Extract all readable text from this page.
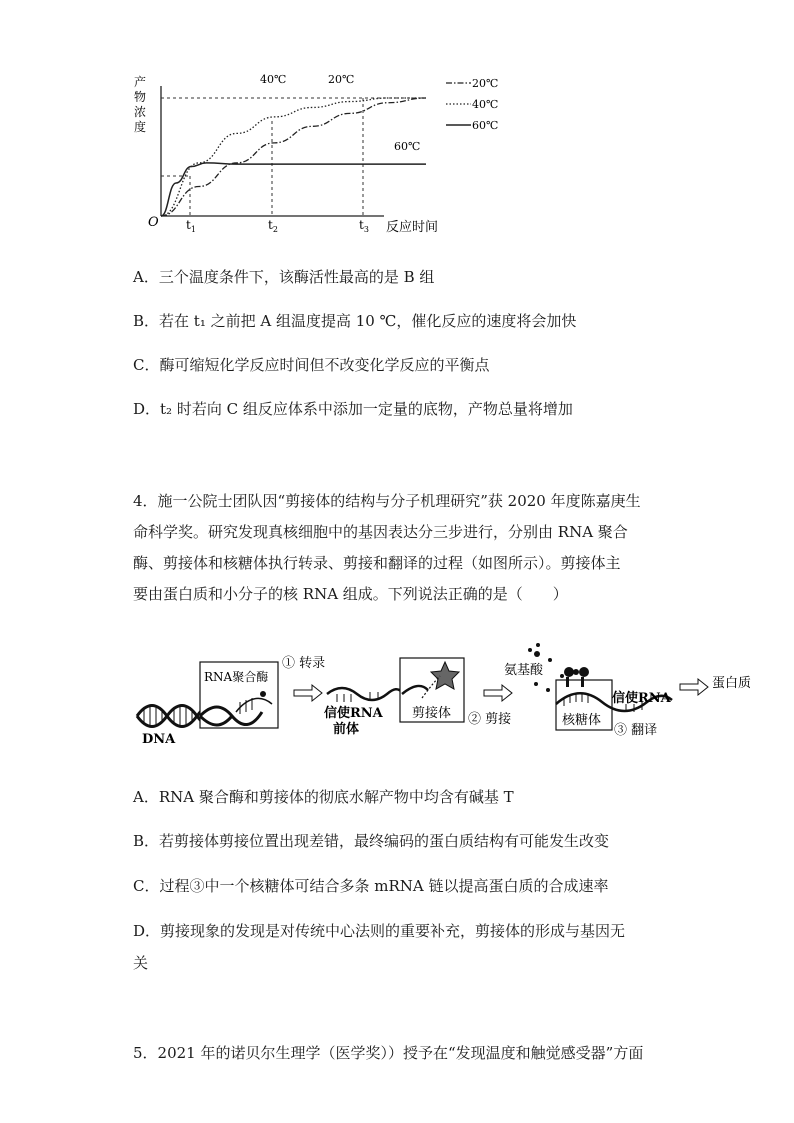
产
物
浓
度
O $t_1$	$t_2$	$t_3$ 反应时间
40℃	20℃
60℃
20℃
40℃
60℃
A．三个温度条件下，该酶活性最高的是 B 组
B．若在 t₁ 之前把 A 组温度提高 10 ℃，催化反应的速度将会加快
C．酶可缩短化学反应时间但不改变化学反应的平衡点
D．t₂ 时若向 C 组反应体系中添加一定量的底物，产物总量将增加

4．施一公院士团队因“剪接体的结构与分子机理研究”获 2020 年度陈嘉庚生

命科学奖。研究发现真核细胞中的基因表达分三步进行，分别由 RNA 聚合

酶、剪接体和核糖体执行转录、剪接和翻译的过程（如图所示）。剪接体主

要由蛋白质和小分子的核 RNA 组成。下列说法正确的是（　　）

DNA
RNA聚合酶
① 转录
信使RNA
前体
剪接体 ② 剪接
氨基酸
核糖体
信使RNA
③ 翻译
蛋白质
A．RNA 聚合酶和剪接体的彻底水解产物中均含有碱基 T
B．若剪接体剪接位置出现差错，最终编码的蛋白质结构有可能发生改变
C．过程③中一个核糖体可结合多条 mRNA 链以提高蛋白质的合成速率
D．剪接现象的发现是对传统中心法则的重要补充，剪接体的形成与基因无
关
5．2021 年的诺贝尔生理学（医学奖））授予在“发现温度和触觉感受器”方面
